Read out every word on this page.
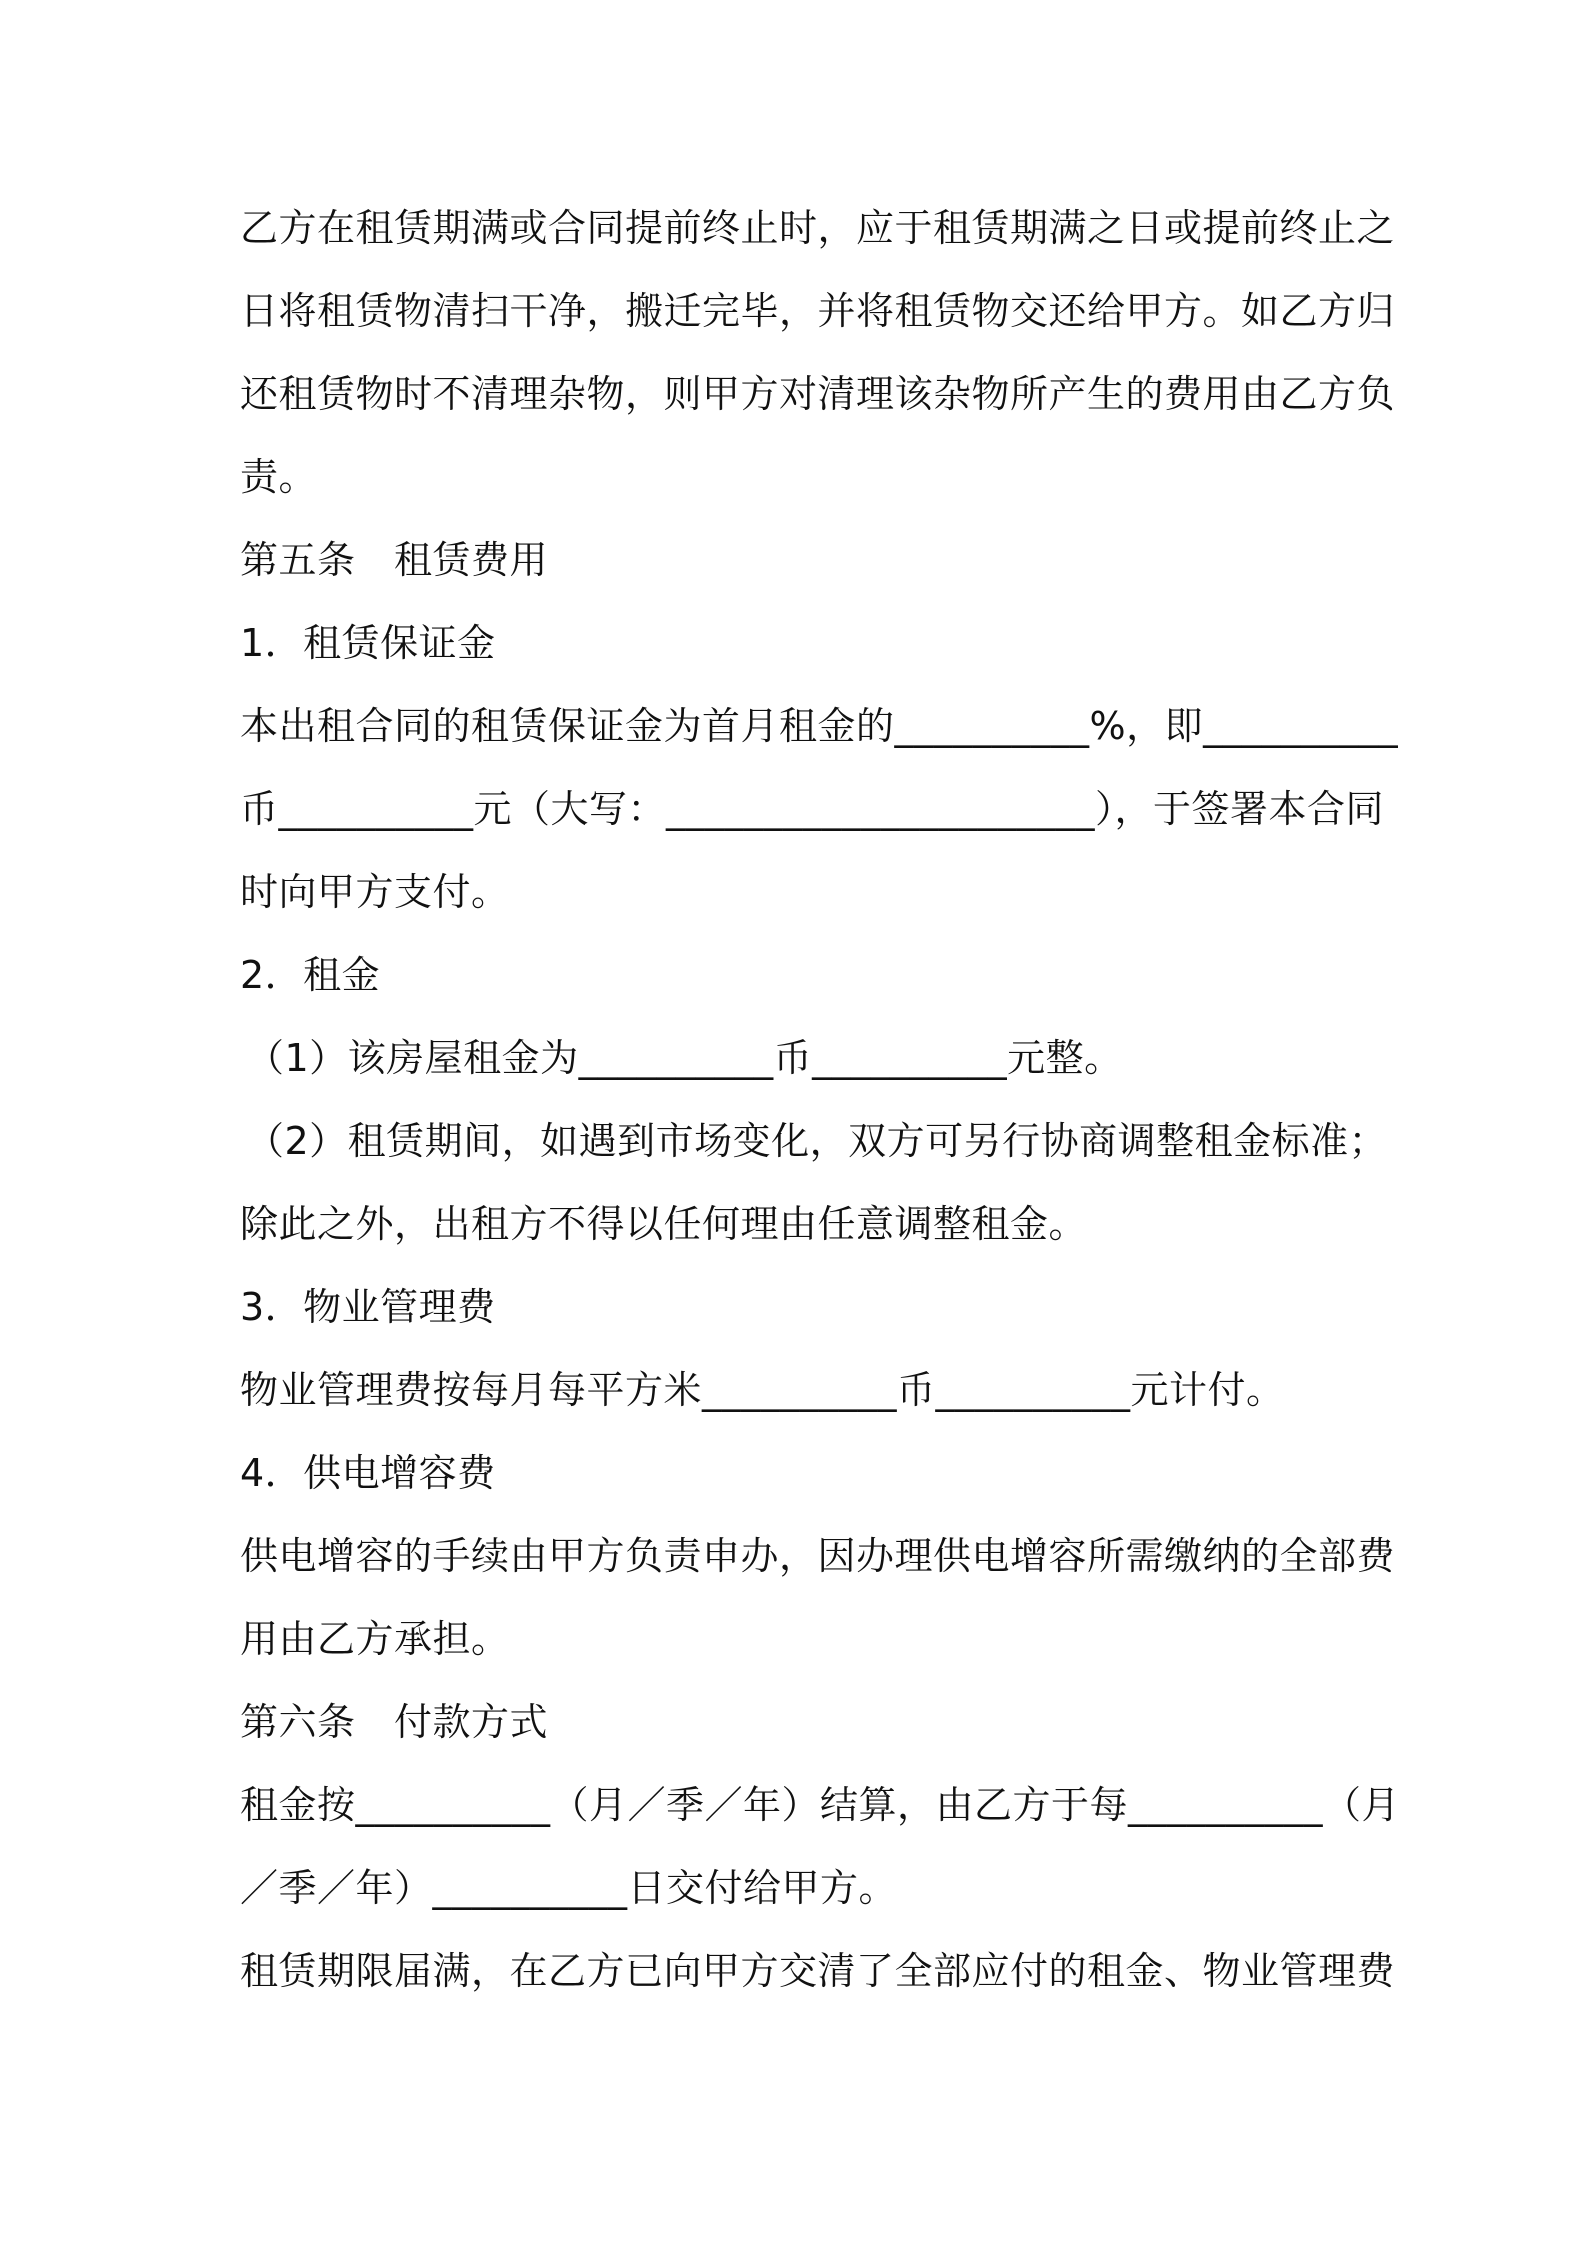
乙方在租赁期满或合同提前终止时，应于租赁期满之日或提前终止之
日将租赁物清扫干净，搬迁完毕，并将租赁物交还给甲方。如乙方归
还租赁物时不清理杂物，则甲方对清理该杂物所产生的费用由乙方负
责。
第五条　租赁费用
1．租赁保证金
本出租合同的租赁保证金为首月租金的__________%，即__________
币__________元（大写：______________________），于签署本合同
时向甲方支付。
2．租金
（1）该房屋租金为__________币__________元整。
（2）租赁期间，如遇到市场变化，双方可另行协商调整租金标准；
除此之外，出租方不得以任何理由任意调整租金。
3．物业管理费
物业管理费按每月每平方米__________币__________元计付。
4．供电增容费
供电增容的手续由甲方负责申办，因办理供电增容所需缴纳的全部费
用由乙方承担。
第六条　付款方式
租金按__________（月／季／年）结算，由乙方于每__________（月
／季／年）__________日交付给甲方。
租赁期限届满，在乙方已向甲方交清了全部应付的租金、物业管理费
